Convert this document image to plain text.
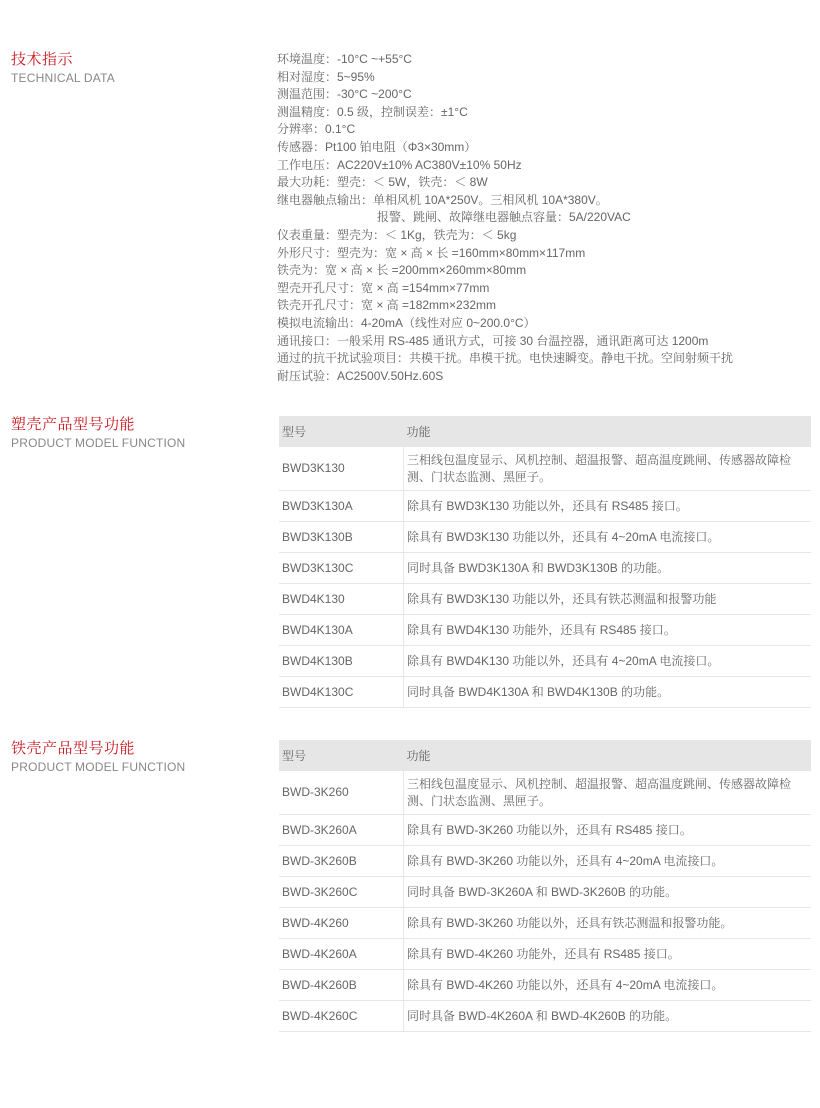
技术指示
TECHNICAL DATA
环境温度：-10°C ~+55°C
相对湿度：5~95%
测温范围：-30°C ~200°C
测温精度：0.5 级，控制误差：±1°C
分辨率：0.1°C
传感器：Pt100 铂电阻（Φ3×30mm）
工作电压：AC220V±10% AC380V±10% 50Hz
最大功耗：塑壳：＜ 5W，铁壳：＜ 8W
继电器触点输出：单相风机 10A*250V。三相风机 10A*380V。
报警、跳闸、故障继电器触点容量：5A/220VAC
仪表重量：塑壳为：＜ 1Kg，铁壳为：＜ 5kg
外形尺寸：塑壳为：宽 × 高 × 长 =160mm×80mm×117mm
铁壳为：宽 × 高 × 长 =200mm×260mm×80mm
塑壳开孔尺寸：宽 × 高 =154mm×77mm
铁壳开孔尺寸：宽 × 高 =182mm×232mm
模拟电流输出：4-20mA（线性对应 0~200.0°C）
通讯接口：一般采用 RS-485 通讯方式，可接 30 台温控器，通讯距离可达 1200m
通过的抗干扰试验项目：共模干扰。串模干扰。电快速瞬变。静电干扰。空间射频干扰
耐压试验：AC2500V.50Hz.60S
塑壳产品型号功能
PRODUCT MODEL FUNCTION
型号	功能
BWD3K130	三相线包温度显示、风机控制、超温报警、超高温度跳闸、传感器故障检测、门状态监测、黑匣子。
BWD3K130A	除具有 BWD3K130 功能以外，还具有 RS485 接口。
BWD3K130B	除具有 BWD3K130 功能以外，还具有 4~20mA 电流接口。
BWD3K130C	同时具备 BWD3K130A 和 BWD3K130B 的功能。
BWD4K130	除具有 BWD3K130 功能以外，还具有铁芯测温和报警功能
BWD4K130A	除具有 BWD4K130 功能外，还具有 RS485 接口。
BWD4K130B	除具有 BWD4K130 功能以外，还具有 4~20mA 电流接口。
BWD4K130C	同时具备 BWD4K130A 和 BWD4K130B 的功能。
铁壳产品型号功能
PRODUCT MODEL FUNCTION
型号	功能
BWD-3K260	三相线包温度显示、风机控制、超温报警、超高温度跳闸、传感器故障检测、门状态监测、黑匣子。
BWD-3K260A	除具有 BWD-3K260 功能以外，还具有 RS485 接口。
BWD-3K260B	除具有 BWD-3K260 功能以外，还具有 4~20mA 电流接口。
BWD-3K260C	同时具备 BWD-3K260A 和 BWD-3K260B 的功能。
BWD-4K260	除具有 BWD-3K260 功能以外，还具有铁芯测温和报警功能。
BWD-4K260A	除具有 BWD-4K260 功能外，还具有 RS485 接口。
BWD-4K260B	除具有 BWD-4K260 功能以外，还具有 4~20mA 电流接口。
BWD-4K260C	同时具备 BWD-4K260A 和 BWD-4K260B 的功能。
